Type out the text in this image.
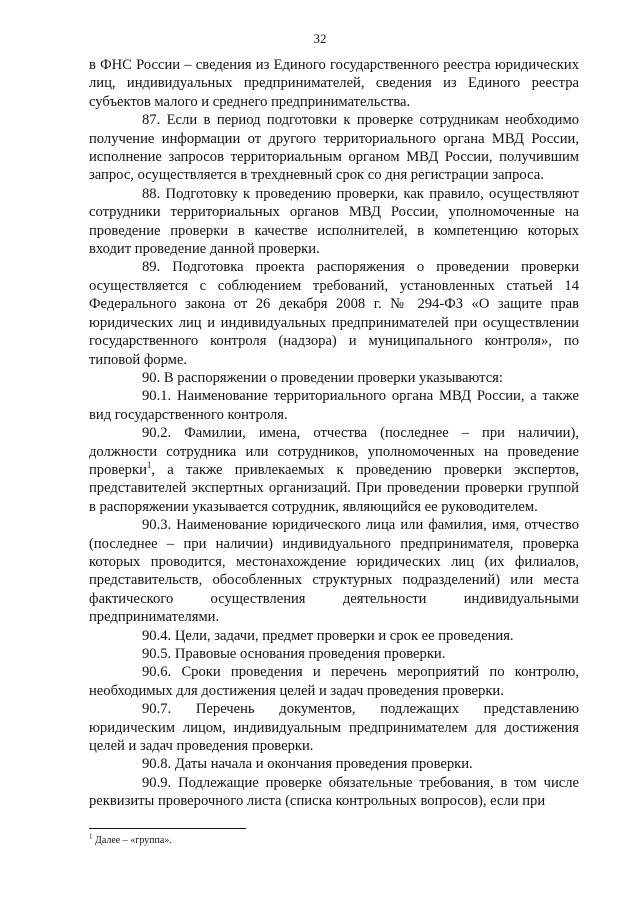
32

в ФНС России – сведения из Единого государственного реестра юридических лиц, индивидуальных предпринимателей, сведения из Единого реестра субъектов малого и среднего предпринимательства.

87. Если в период подготовки к проверке сотрудникам необходимо получение информации от другого территориального органа МВД России, исполнение запросов территориальным органом МВД России, получившим запрос, осуществляется в трехдневный срок со дня регистрации запроса.

88. Подготовку к проведению проверки, как правило, осуществляют сотрудники территориальных органов МВД России, уполномоченные на проведение проверки в качестве исполнителей, в компетенцию которых входит проведение данной проверки.

89. Подготовка проекта распоряжения о проведении проверки осуществляется с соблюдением требований, установленных статьей 14 Федерального закона от 26 декабря 2008 г. № 294-ФЗ «О защите прав юридических лиц и индивидуальных предпринимателей при осуществлении государственного контроля (надзора) и муниципального контроля», по типовой форме.

90. В распоряжении о проведении проверки указываются:

90.1. Наименование территориального органа МВД России, а также вид государственного контроля.

90.2. Фамилии, имена, отчества (последнее – при наличии), должности сотрудника или сотрудников, уполномоченных на проведение проверки$^1$, а также привлекаемых к проведению проверки экспертов, представителей экспертных организаций. При проведении проверки группой в распоряжении указывается сотрудник, являющийся ее руководителем.

90.3. Наименование юридического лица или фамилия, имя, отчество (последнее – при наличии) индивидуального предпринимателя, проверка которых проводится, местонахождение юридических лиц (их филиалов, представительств, обособленных структурных подразделений) или места фактического осуществления деятельности индивидуальными предпринимателями.

90.4. Цели, задачи, предмет проверки и срок ее проведения.

90.5. Правовые основания проведения проверки.

90.6. Сроки проведения и перечень мероприятий по контролю, необходимых для достижения целей и задач проведения проверки.

90.7. Перечень документов, подлежащих представлению юридическим лицом, индивидуальным предпринимателем для достижения целей и задач проведения проверки.

90.8. Даты начала и окончания проведения проверки.

90.9. Подлежащие проверке обязательные требования, в том числе реквизиты проверочного листа (списка контрольных вопросов), если при

$^1$ Далее – «группа».
